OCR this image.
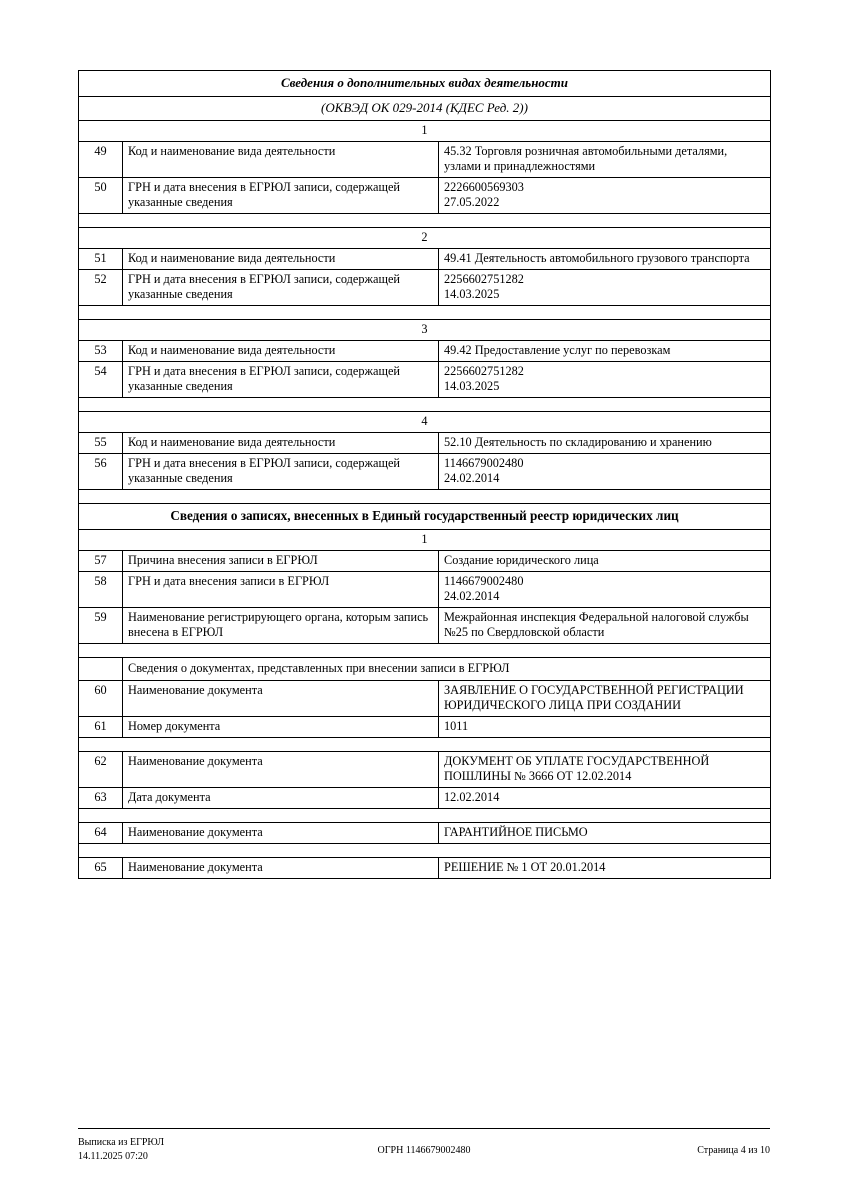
Сведения о дополнительных видах деятельности		
(ОКВЭД ОК 029-2014 (КДЕС Ред. 2))		
1		
49	Код и наименование вида деятельности	45.32 Торговля розничная автомобильными деталями, узлами и принадлежностями
50	ГРН и дата внесения в ЕГРЮЛ записи, содержащей указанные сведения	2226600569303
27.05.2022

2		
51	Код и наименование вида деятельности	49.41 Деятельность автомобильного грузового транспорта
52	ГРН и дата внесения в ЕГРЮЛ записи, содержащей указанные сведения	2256602751282
14.03.2025

3		
53	Код и наименование вида деятельности	49.42 Предоставление услуг по перевозкам
54	ГРН и дата внесения в ЕГРЮЛ записи, содержащей указанные сведения	2256602751282
14.03.2025

4		
55	Код и наименование вида деятельности	52.10 Деятельность по складированию и хранению
56	ГРН и дата внесения в ЕГРЮЛ записи, содержащей указанные сведения	1146679002480
24.02.2014

Сведения о записях, внесенных в Единый государственный реестр юридических лиц		
1		
57	Причина внесения записи в ЕГРЮЛ	Создание юридического лица
58	ГРН и дата внесения записи в ЕГРЮЛ	1146679002480
24.02.2014
59	Наименование регистрирующего органа, которым запись внесена в ЕГРЮЛ	Межрайонная инспекция Федеральной налоговой службы №25 по Свердловской области

	Сведения о документах, представленных при внесении записи в ЕГРЮЛ	
60	Наименование документа	ЗАЯВЛЕНИЕ О ГОСУДАРСТВЕННОЙ РЕГИСТРАЦИИ ЮРИДИЧЕСКОГО ЛИЦА ПРИ СОЗДАНИИ
61	Номер документа	1011

62	Наименование документа	ДОКУМЕНТ ОБ УПЛАТЕ ГОСУДАРСТВЕННОЙ ПОШЛИНЫ № 3666 ОТ 12.02.2014
63	Дата документа	12.02.2014

64	Наименование документа	ГАРАНТИЙНОЕ ПИСЬМО

65	Наименование документа	РЕШЕНИЕ № 1 ОТ 20.01.2014
Выписка из ЕГРЮЛ
14.11.2025 07:20	ОГРН 1146679002480	Страница 4 из 10
